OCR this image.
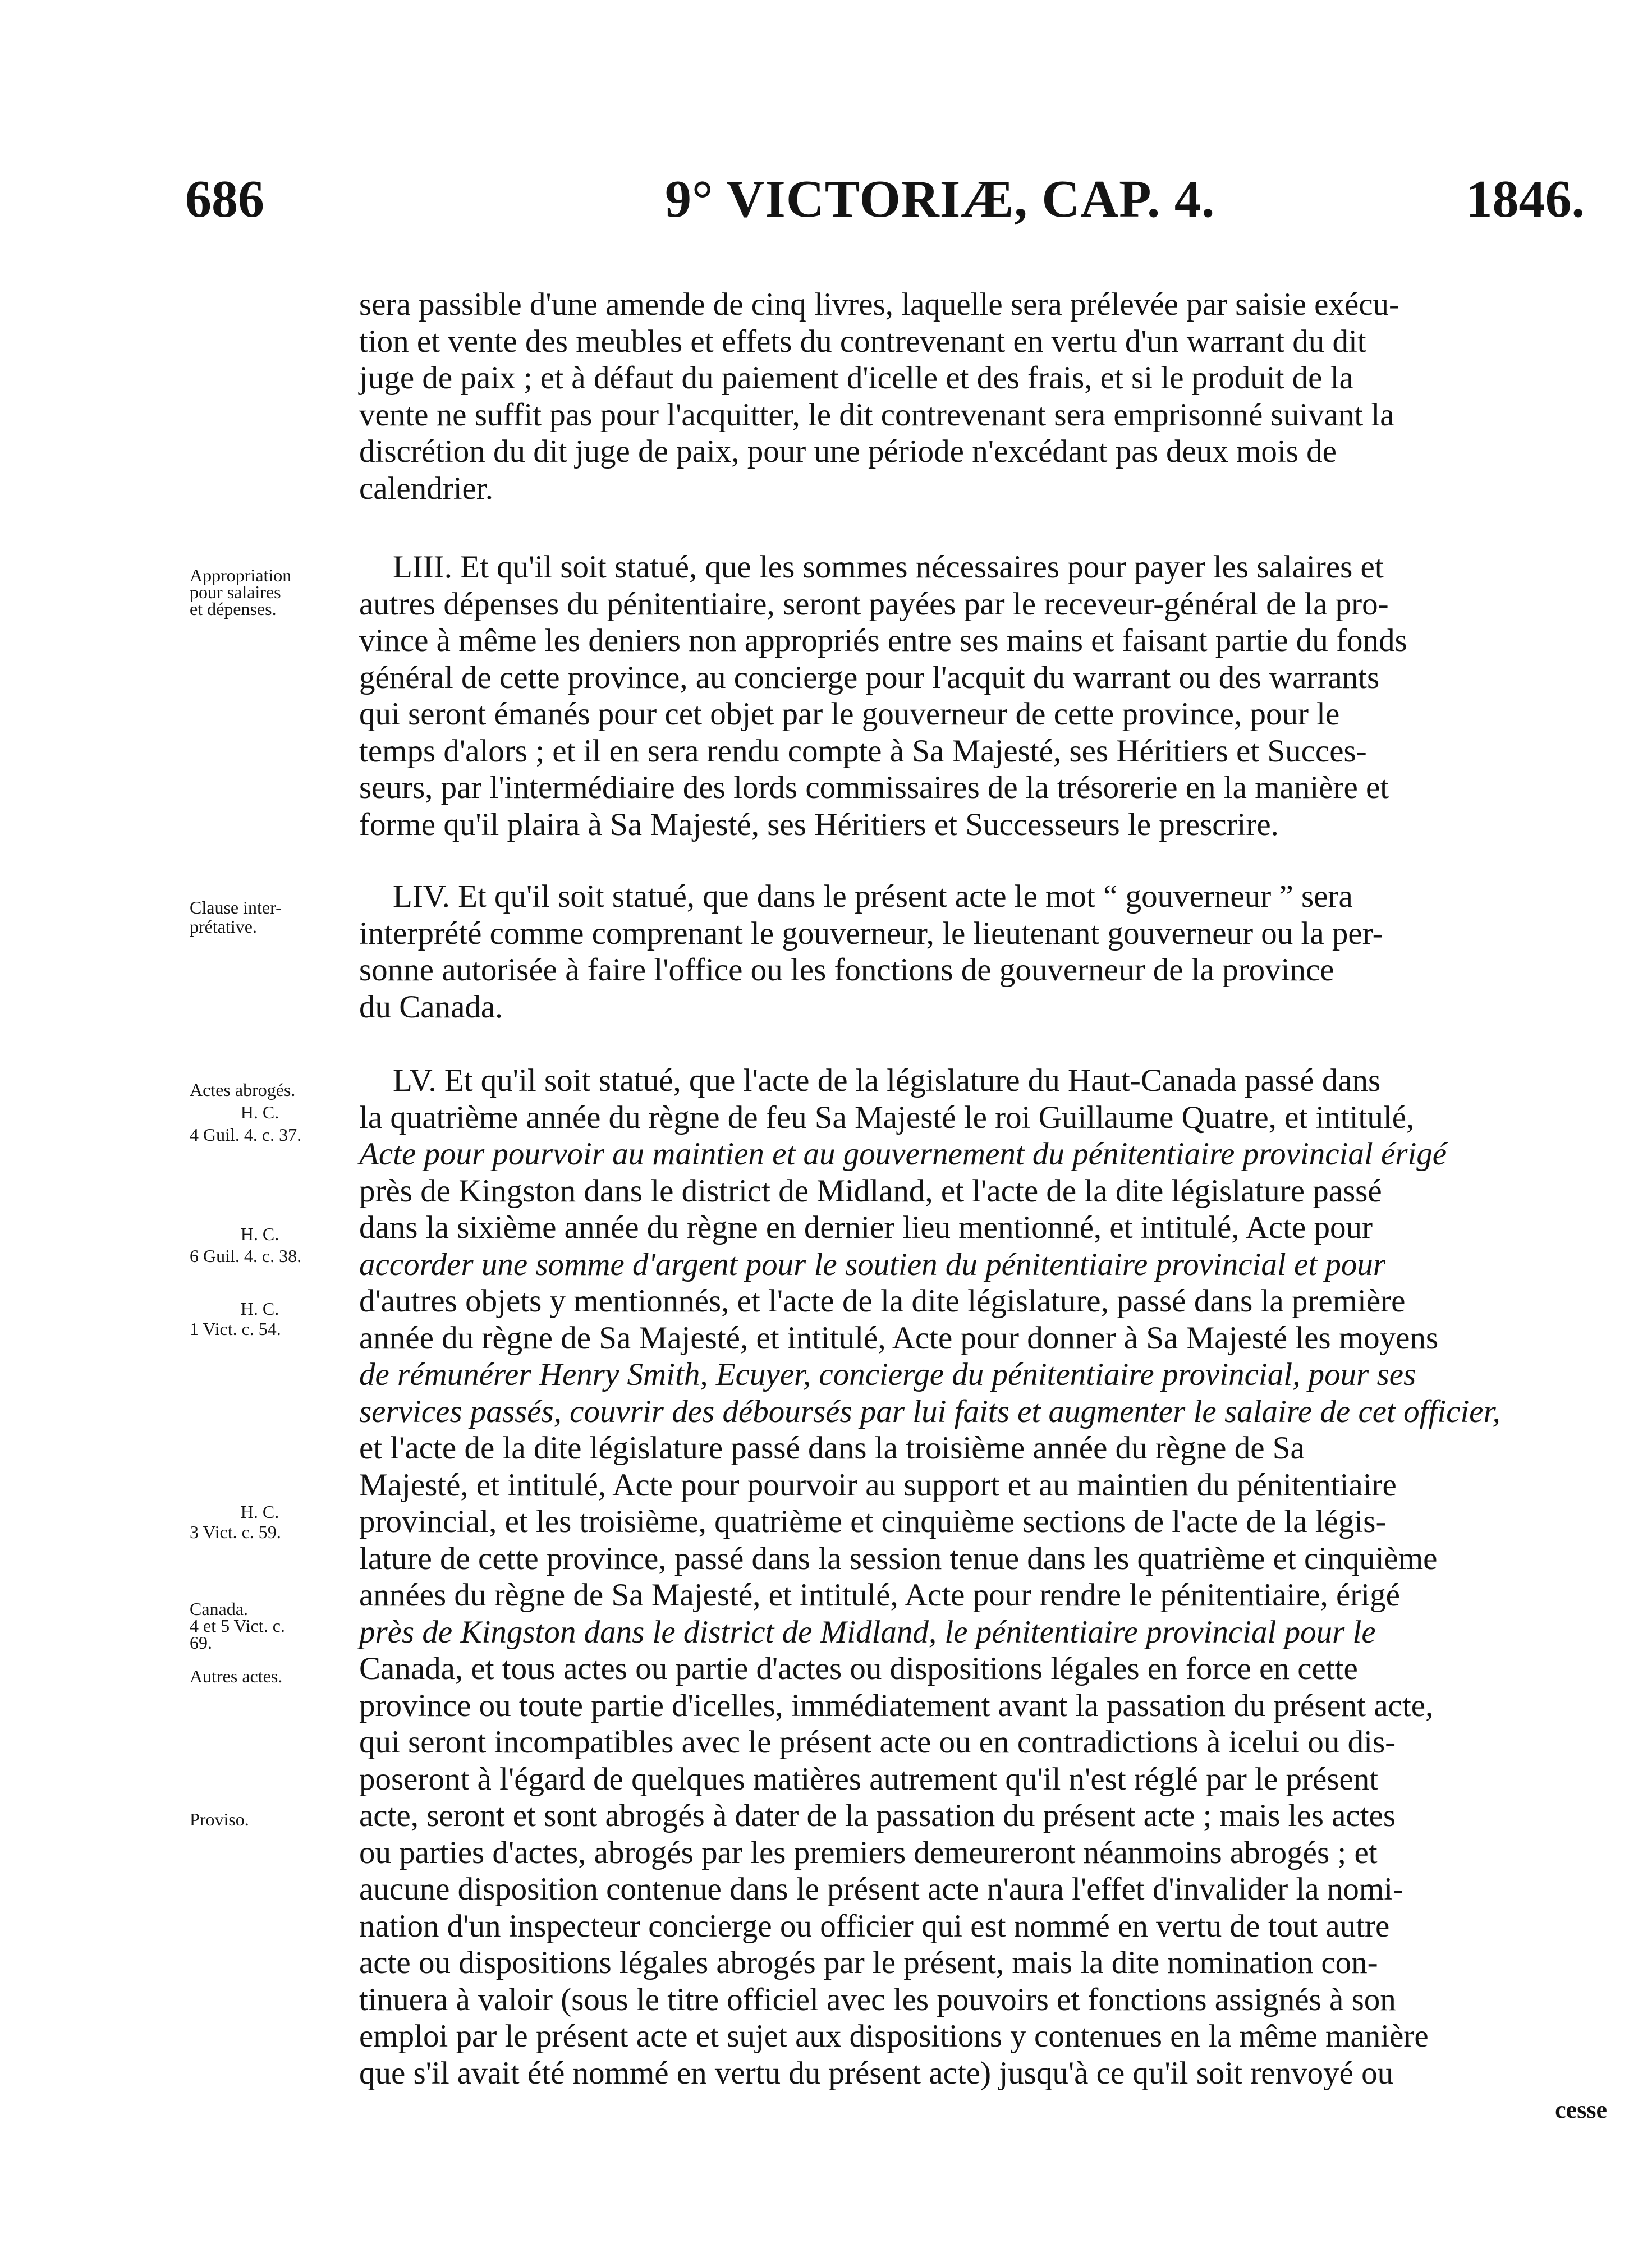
686	9° VICTORIÆ, CAP. 4.	1846.
sera passible d'une amende de cinq livres, laquelle sera prélevée par saisie exécu-
tion et vente des meubles et effets du contrevenant en vertu d'un warrant du dit
juge de paix ; et à défaut du paiement d'icelle et des frais, et si le produit de la
vente ne suffit pas pour l'acquitter, le dit contrevenant sera emprisonné suivant la
discrétion du dit juge de paix, pour une période n'excédant pas deux mois de
calendrier.
Appropriation
pour salaires
et dépenses.
LIII. Et qu'il soit statué, que les sommes nécessaires pour payer les salaires et
autres dépenses du pénitentiaire, seront payées par le receveur-général de la pro-
vince à même les deniers non appropriés entre ses mains et faisant partie du fonds
général de cette province, au concierge pour l'acquit du warrant ou des warrants
qui seront émanés pour cet objet par le gouverneur de cette province, pour le
temps d'alors ; et il en sera rendu compte à Sa Majesté, ses Héritiers et Succes-
seurs, par l'intermédiaire des lords commissaires de la trésorerie en la manière et
forme qu'il plaira à Sa Majesté, ses Héritiers et Successeurs le prescrire.
Clause inter-
prétative.
LIV. Et qu'il soit statué, que dans le présent acte le mot “ gouverneur ” sera
interprété comme comprenant le gouverneur, le lieutenant gouverneur ou la per-
sonne autorisée à faire l'office ou les fonctions de gouverneur de la province
du Canada.
Actes abrogés.
H. C.
4 Guil. 4. c. 37.
H. C.
6 Guil. 4. c. 38.
H. C.
1 Vict. c. 54.
H. C.
3 Vict. c. 59.
Canada.
4 et 5 Vict. c.
69.
Autres actes.
Proviso.
LV. Et qu'il soit statué, que l'acte de la législature du Haut-Canada passé dans
la quatrième année du règne de feu Sa Majesté le roi Guillaume Quatre, et intitulé,
Acte pour pourvoir au maintien et au gouvernement du pénitentiaire provincial érigé
près de Kingston dans le district de Midland, et l'acte de la dite législature passé
dans la sixième année du règne en dernier lieu mentionné, et intitulé, Acte pour
accorder une somme d'argent pour le soutien du pénitentiaire provincial et pour
d'autres objets y mentionnés, et l'acte de la dite législature, passé dans la première
année du règne de Sa Majesté, et intitulé, Acte pour donner à Sa Majesté les moyens
de rémunérer Henry Smith, Ecuyer, concierge du pénitentiaire provincial, pour ses
services passés, couvrir des déboursés par lui faits et augmenter le salaire de cet officier,
et l'acte de la dite législature passé dans la troisième année du règne de Sa
Majesté, et intitulé, Acte pour pourvoir au support et au maintien du pénitentiaire
provincial, et les troisième, quatrième et cinquième sections de l'acte de la légis-
lature de cette province, passé dans la session tenue dans les quatrième et cinquième
années du règne de Sa Majesté, et intitulé, Acte pour rendre le pénitentiaire, érigé
près de Kingston dans le district de Midland, le pénitentiaire provincial pour le
Canada, et tous actes ou partie d'actes ou dispositions légales en force en cette
province ou toute partie d'icelles, immédiatement avant la passation du présent acte,
qui seront incompatibles avec le présent acte ou en contradictions à icelui ou dis-
poseront à l'égard de quelques matières autrement qu'il n'est réglé par le présent
acte, seront et sont abrogés à dater de la passation du présent acte ; mais les actes
ou parties d'actes, abrogés par les premiers demeureront néanmoins abrogés ; et
aucune disposition contenue dans le présent acte n'aura l'effet d'invalider la nomi-
nation d'un inspecteur concierge ou officier qui est nommé en vertu de tout autre
acte ou dispositions légales abrogés par le présent, mais la dite nomination con-
tinuera à valoir (sous le titre officiel avec les pouvoirs et fonctions assignés à son
emploi par le présent acte et sujet aux dispositions y contenues en la même manière
que s'il avait été nommé en vertu du présent acte) jusqu'à ce qu'il soit renvoyé ou
cesse
